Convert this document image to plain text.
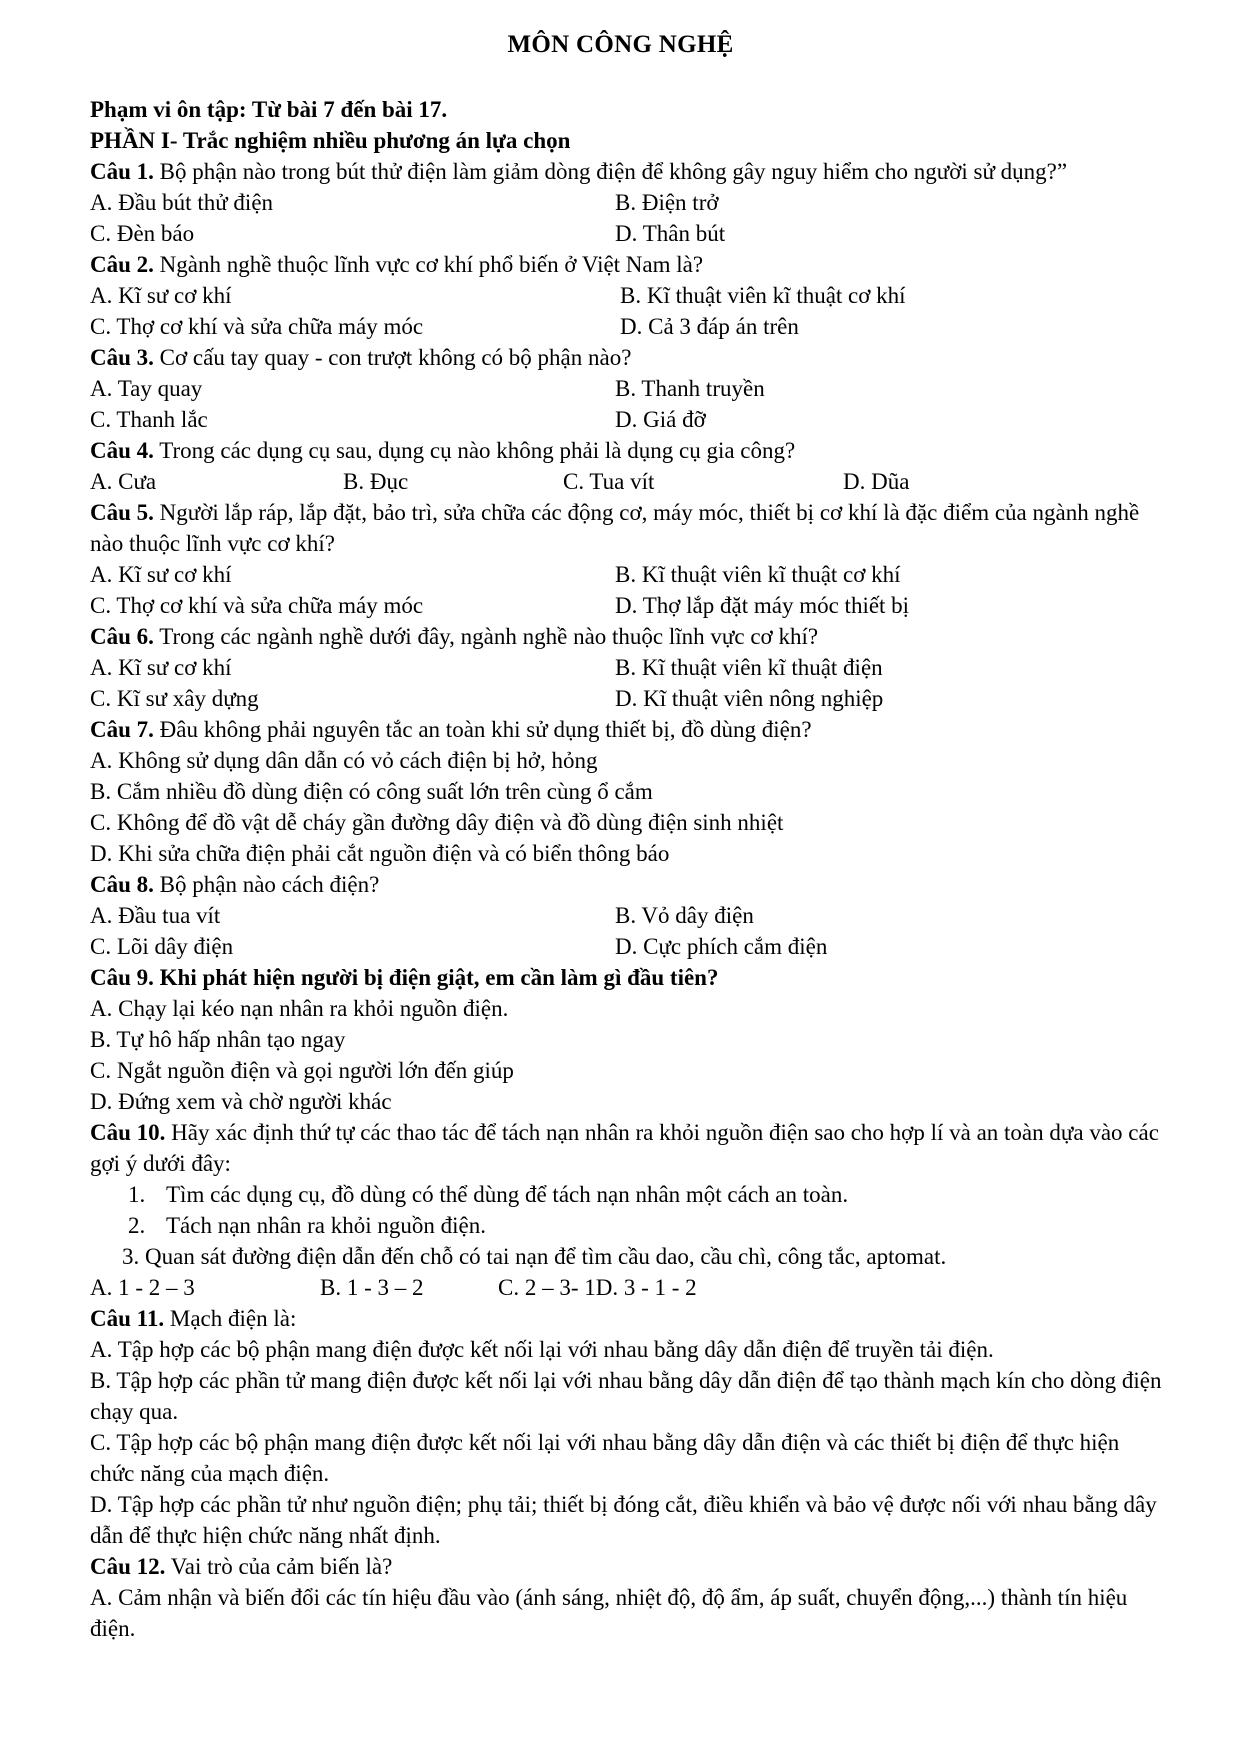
MÔN CÔNG NGHỆ
Phạm vi ôn tập: Từ bài 7 đến bài 17.
PHẦN I- Trắc nghiệm nhiều phương án lựa chọn
Câu 1. Bộ phận nào trong bút thử điện làm giảm dòng điện để không gây nguy hiểm cho người sử dụng?”
A. Đầu bút thử điện	B. Điện trở
C. Đèn báo	D. Thân bút
Câu 2. Ngành nghề thuộc lĩnh vực cơ khí phổ biến ở Việt Nam là?
A. Kĩ sư cơ khí	B. Kĩ thuật viên kĩ thuật cơ khí
C. Thợ cơ khí và sửa chữa máy móc	D. Cả 3 đáp án trên
Câu 3. Cơ cấu tay quay - con trượt không có bộ phận nào?
A. Tay quay	B. Thanh truyền
C. Thanh lắc	D. Giá đỡ
Câu 4. Trong các dụng cụ sau, dụng cụ nào không phải là dụng cụ gia công?
A. Cưa	B. Đục	C. Tua vít	D. Dũa
Câu 5. Người lắp ráp, lắp đặt, bảo trì, sửa chữa các động cơ, máy móc, thiết bị cơ khí là đặc điểm của ngành nghề nào thuộc lĩnh vực cơ khí?
A. Kĩ sư cơ khí	B. Kĩ thuật viên kĩ thuật cơ khí
C. Thợ cơ khí và sửa chữa máy móc	D. Thợ lắp đặt máy móc thiết bị
Câu 6. Trong các ngành nghề dưới đây, ngành nghề nào thuộc lĩnh vực cơ khí?
A. Kĩ sư cơ khí	B. Kĩ thuật viên kĩ thuật điện
C. Kĩ sư xây dựng	D. Kĩ thuật viên nông nghiệp
Câu 7. Đâu không phải nguyên tắc an toàn khi sử dụng thiết bị, đồ dùng điện?
A. Không sử dụng dân dẫn có vỏ cách điện bị hở, hỏng
B. Cắm nhiều đồ dùng điện có công suất lớn trên cùng ổ cắm
C. Không để đồ vật dễ cháy gần đường dây điện và đồ dùng điện sinh nhiệt
D. Khi sửa chữa điện phải cắt nguồn điện và có biển thông báo
Câu 8. Bộ phận nào cách điện?
A. Đầu tua vít	B. Vỏ dây điện
C. Lõi dây điện	D. Cực phích cắm điện
Câu 9. Khi phát hiện người bị điện giật, em cần làm gì đầu tiên?
A. Chạy lại kéo nạn nhân ra khỏi nguồn điện.
B. Tự hô hấp nhân tạo ngay
C. Ngắt nguồn điện và gọi người lớn đến giúp
D. Đứng xem và chờ người khác
Câu 10. Hãy xác định thứ tự các thao tác để tách nạn nhân ra khỏi nguồn điện sao cho hợp lí và an toàn dựa vào các gợi ý dưới đây:
1. Tìm các dụng cụ, đồ dùng có thể dùng để tách nạn nhân một cách an toàn.
2. Tách nạn nhân ra khỏi nguồn điện.
3. Quan sát đường điện dẫn đến chỗ có tai nạn để tìm cầu dao, cầu chì, công tắc, aptomat.
A. 1 - 2 – 3	B. 1 - 3 – 2	C. 2 – 3- 1 D. 3 - 1 - 2
Câu 11. Mạch điện là:
A. Tập hợp các bộ phận mang điện được kết nối lại với nhau bằng dây dẫn điện để truyền tải điện.
B. Tập hợp các phần tử mang điện được kết nối lại với nhau bằng dây dẫn điện để tạo thành mạch kín cho dòng điện chạy qua.
C. Tập hợp các bộ phận mang điện được kết nối lại với nhau bằng dây dẫn điện và các thiết bị điện để thực hiện chức năng của mạch điện.
D. Tập hợp các phần tử như nguồn điện; phụ tải; thiết bị đóng cắt, điều khiển và bảo vệ được nối với nhau bằng dây dẫn để thực hiện chức năng nhất định.
Câu 12. Vai trò của cảm biến là?
A. Cảm nhận và biến đổi các tín hiệu đầu vào (ánh sáng, nhiệt độ, độ ẩm, áp suất, chuyển động,...) thành tín hiệu điện.
